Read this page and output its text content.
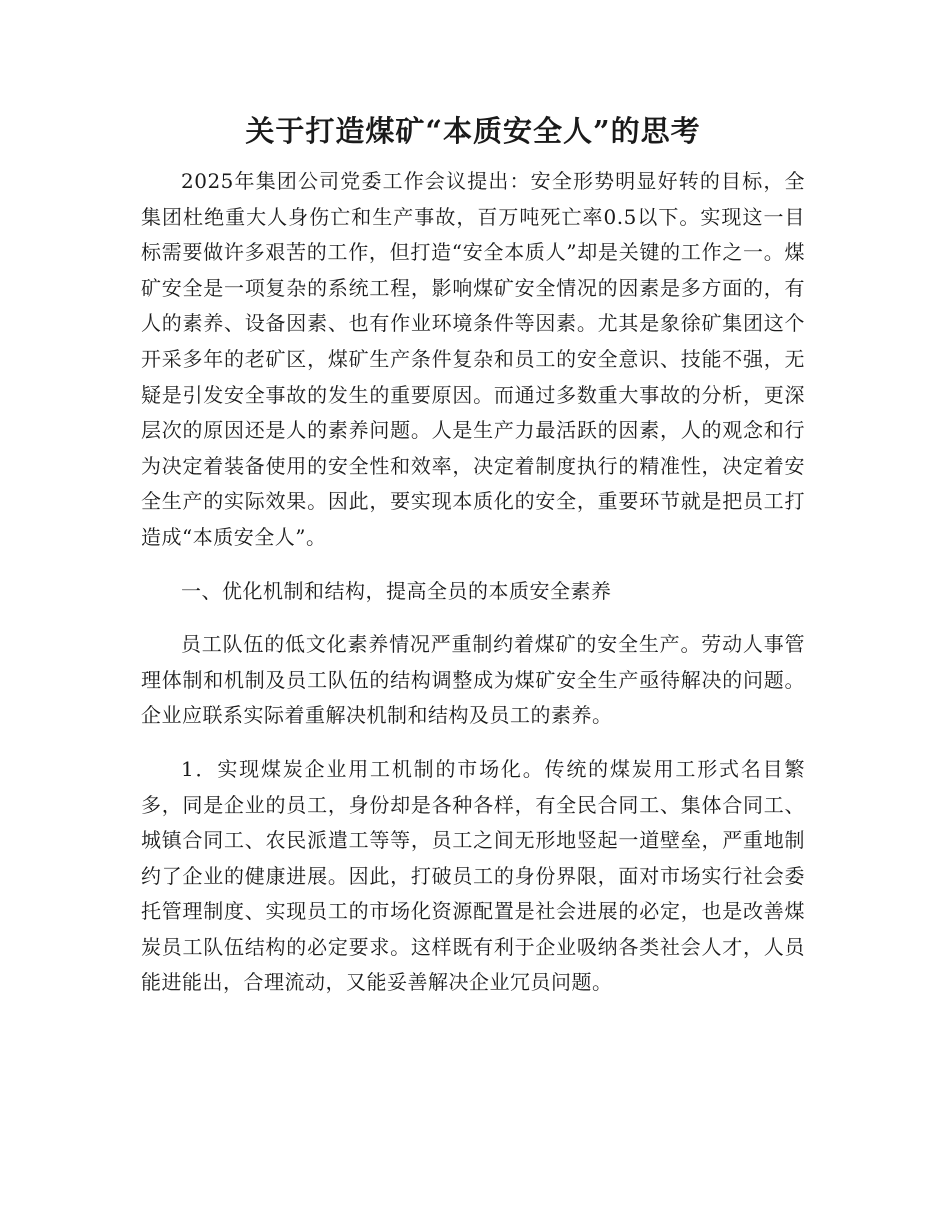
关于打造煤矿“本质安全人”的思考

2025年集团公司党委工作会议提出：安全形势明显好转的目标，全集团杜绝重大人身伤亡和生产事故，百万吨死亡率0.5以下。实现这一目标需要做许多艰苦的工作，但打造“安全本质人”却是关键的工作之一。煤矿安全是一项复杂的系统工程，影响煤矿安全情况的因素是多方面的，有人的素养、设备因素、也有作业环境条件等因素。尤其是象徐矿集团这个开采多年的老矿区，煤矿生产条件复杂和员工的安全意识、技能不强，无疑是引发安全事故的发生的重要原因。而通过多数重大事故的分析，更深层次的原因还是人的素养问题。人是生产力最活跃的因素，人的观念和行为决定着装备使用的安全性和效率，决定着制度执行的精准性，决定着安全生产的实际效果。因此，要实现本质化的安全，重要环节就是把员工打造成“本质安全人”。

一、优化机制和结构，提高全员的本质安全素养

员工队伍的低文化素养情况严重制约着煤矿的安全生产。劳动人事管理体制和机制及员工队伍的结构调整成为煤矿安全生产亟待解决的问题。企业应联系实际着重解决机制和结构及员工的素养。

1．实现煤炭企业用工机制的市场化。传统的煤炭用工形式名目繁多，同是企业的员工，身份却是各种各样，有全民合同工、集体合同工、城镇合同工、农民派遣工等等，员工之间无形地竖起一道壁垒，严重地制约了企业的健康进展。因此，打破员工的身份界限，面对市场实行社会委托管理制度、实现员工的市场化资源配置是社会进展的必定，也是改善煤炭员工队伍结构的必定要求。这样既有利于企业吸纳各类社会人才，人员能进能出，合理流动，又能妥善解决企业冗员问题。
